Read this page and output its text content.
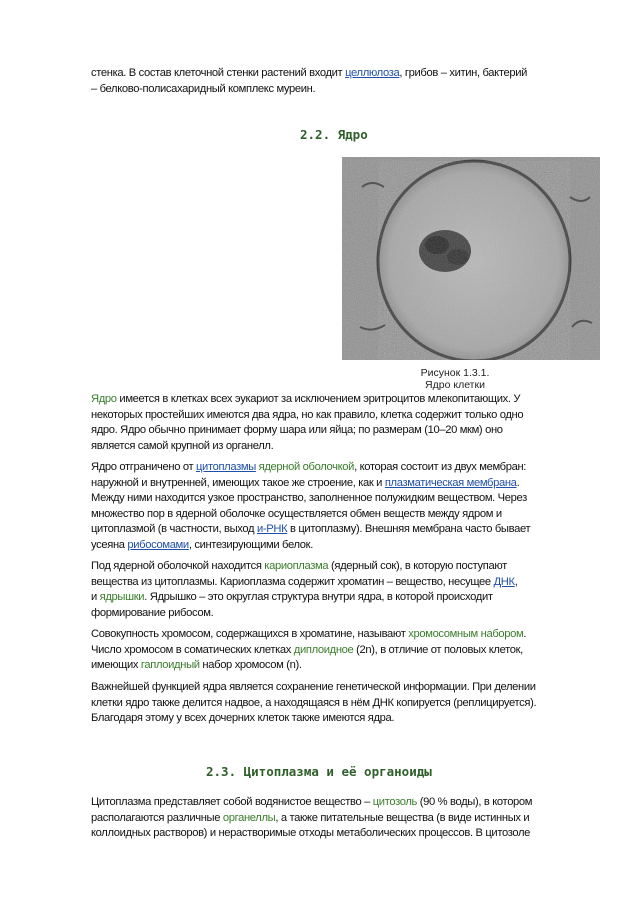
стенка. В состав клеточной стенки растений входит целлюлоза, грибов – хитин, бактерий
– белково-полисахаридный комплекс муреин.

2.2. Ядро
Рисунок 1.3.1.
Ядро клетки

Ядро имеется в клетках всех эукариот за исключением эритроцитов млекопитающих. У
некоторых простейших имеются два ядра, но как правило, клетка содержит только одно
ядро. Ядро обычно принимает форму шара или яйца; по размерам (10–20 мкм) оно
является самой крупной из органелл.

Ядро отграничено от цитоплазмы ядерной оболочкой, которая состоит из двух мембран:
наружной и внутренней, имеющих такое же строение, как и плазматическая мембрана.
Между ними находится узкое пространство, заполненное полужидким веществом. Через
множество пор в ядерной оболочке осуществляется обмен веществ между ядром и
цитоплазмой (в частности, выход и-РНК в цитоплазму). Внешняя мембрана часто бывает
усеяна рибосомами, синтезирующими белок.

Под ядерной оболочкой находится кариоплазма (ядерный сок), в которую поступают
вещества из цитоплазмы. Кариоплазма содержит хроматин – вещество, несущее ДНК,
и ядрышки. Ядрышко – это округлая структура внутри ядра, в которой происходит
формирование рибосом.

Совокупность хромосом, содержащихся в хроматине, называют хромосомным набором.
Число хромосом в соматических клетках диплоидное (2n), в отличие от половых клеток,
имеющих гаплоидный набор хромосом (n).

Важнейшей функцией ядра является сохранение генетической информации. При делении
клетки ядро также делится надвое, а находящаяся в нём ДНК копируется (реплицируется).
Благодаря этому у всех дочерних клеток также имеются ядра.

2.3. Цитоплазма и её органоиды

Цитоплазма представляет собой водянистое вещество – цитозоль (90 % воды), в котором
располагаются различные органеллы, а также питательные вещества (в виде истинных и
коллоидных растворов) и нерастворимые отходы метаболических процессов. В цитозоле
